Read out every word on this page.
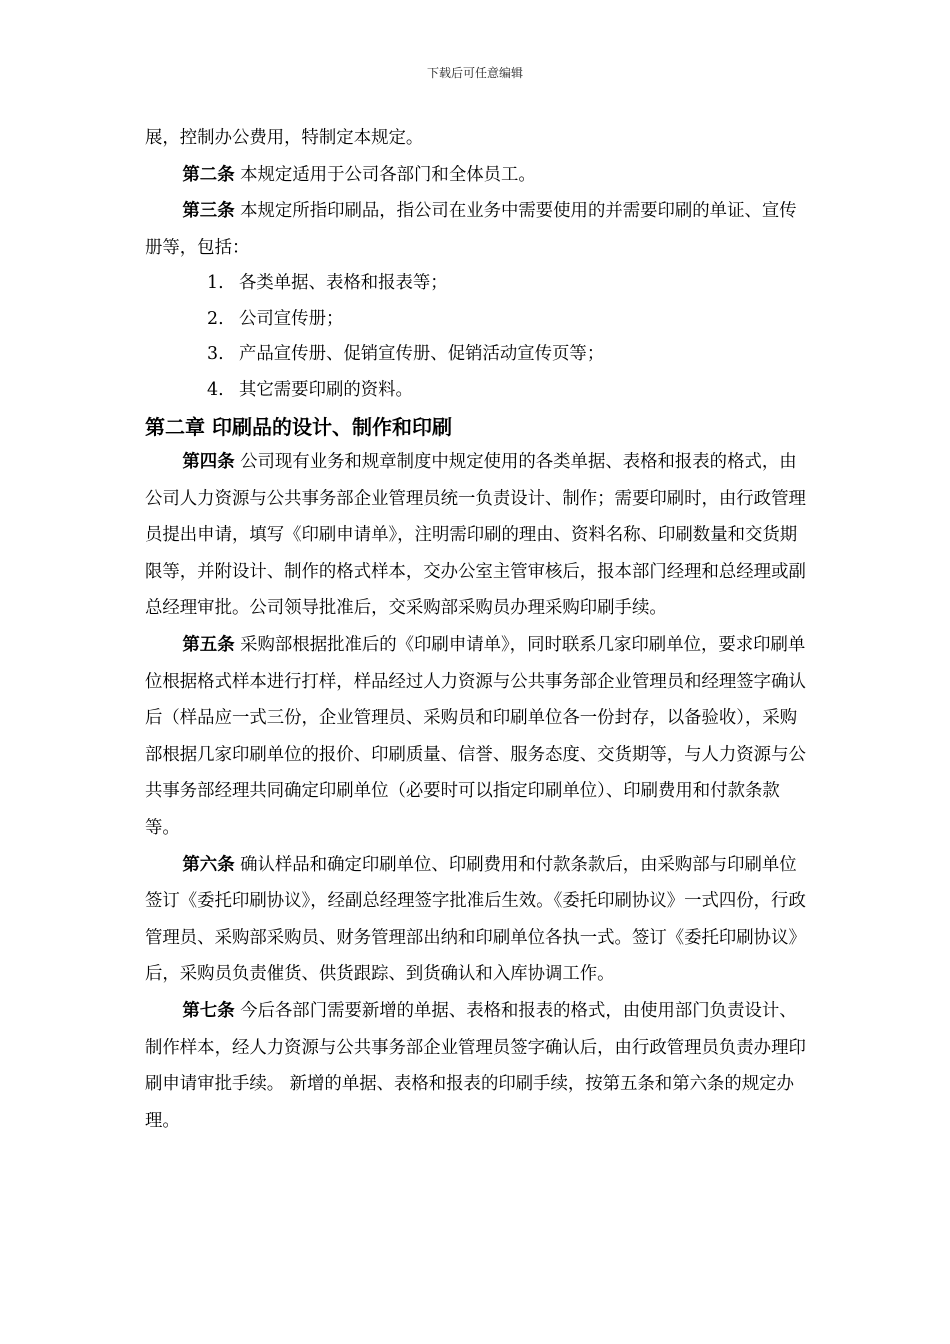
下载后可任意编辑

展，控制办公费用，特制定本规定。

第二条 本规定适用于公司各部门和全体员工。

第三条 本规定所指印刷品，指公司在业务中需要使用的并需要印刷的单证、宣传册等，包括：

1. 各类单据、表格和报表等；

2. 公司宣传册；

3. 产品宣传册、促销宣传册、促销活动宣传页等；

4. 其它需要印刷的资料。

第二章 印刷品的设计、制作和印刷

第四条 公司现有业务和规章制度中规定使用的各类单据、表格和报表的格式，由公司人力资源与公共事务部企业管理员统一负责设计、制作；需要印刷时，由行政管理员提出申请，填写《印刷申请单》，注明需印刷的理由、资料名称、印刷数量和交货期限等，并附设计、制作的格式样本，交办公室主管审核后，报本部门经理和总经理或副总经理审批。公司领导批准后，交采购部采购员办理采购印刷手续。

第五条 采购部根据批准后的《印刷申请单》，同时联系几家印刷单位，要求印刷单位根据格式样本进行打样，样品经过人力资源与公共事务部企业管理员和经理签字确认后（样品应一式三份，企业管理员、采购员和印刷单位各一份封存，以备验收），采购部根据几家印刷单位的报价、印刷质量、信誉、服务态度、交货期等，与人力资源与公共事务部经理共同确定印刷单位（必要时可以指定印刷单位）、印刷费用和付款条款等。

第六条 确认样品和确定印刷单位、印刷费用和付款条款后，由采购部与印刷单位签订《委托印刷协议》，经副总经理签字批准后生效。《委托印刷协议》一式四份，行政管理员、采购部采购员、财务管理部出纳和印刷单位各执一式。签订《委托印刷协议》后，采购员负责催货、供货跟踪、到货确认和入库协调工作。

第七条 今后各部门需要新增的单据、表格和报表的格式，由使用部门负责设计、制作样本，经人力资源与公共事务部企业管理员签字确认后，由行政管理员负责办理印刷申请审批手续。 新增的单据、表格和报表的印刷手续，按第五条和第六条的规定办理。
